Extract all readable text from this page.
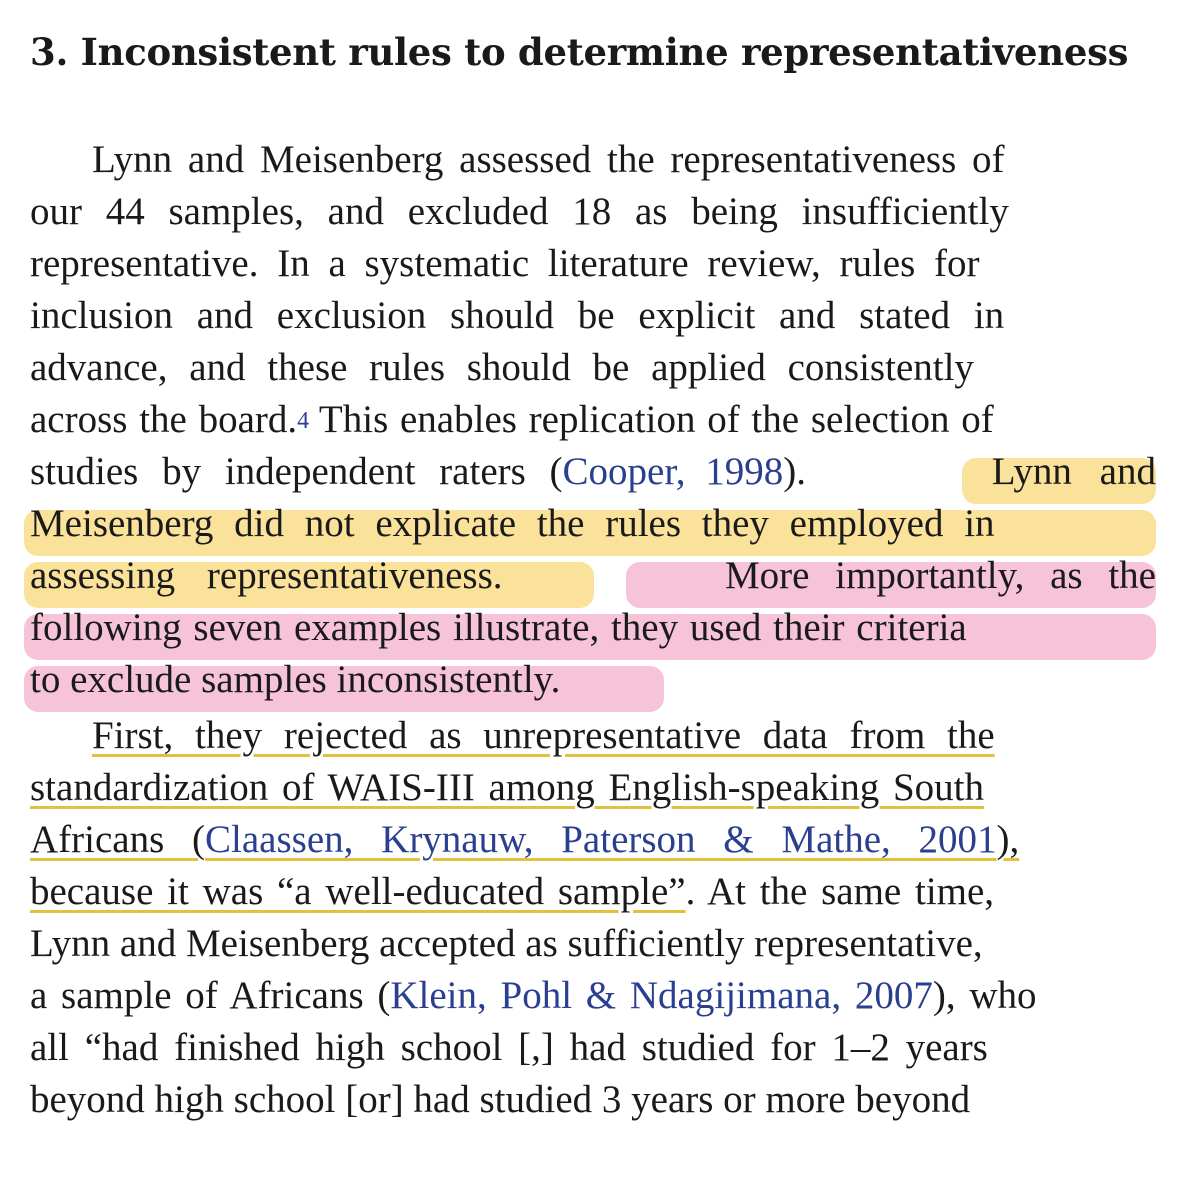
3. Inconsistent rules to determine representativeness
Lynn and Meisenberg assessed the representativeness of
our 44 samples, and excluded 18 as being insufficiently
representative. In a systematic literature review, rules for
inclusion and exclusion should be explicit and stated in
advance, and these rules should be applied consistently
across the board.$^4$
This enables replication of the selection of
studies by independent raters ( Cooper, 1998 ).	Lynn and
Meisenberg did not explicate the rules they employed in
assessing representativeness .	More importantly, as the
following seven examples illustrate, they used their criteria
to exclude samples inconsistently.
First, they rejected as unrepresentative data from the
standardization of WAIS-III among English-speaking South
Africans ( Claassen, Krynauw, Paterson & Mathe, 2001 ),
because it was “a well-educated sample” . At the same time,
Lynn and Meisenberg accepted as sufficiently representative,
a sample of Africans ( Klein, Pohl & Ndagijimana, 2007 ), who
all “had finished high school [,] had studied for 1–2 years
beyond high school [or] had studied 3 years or more beyond
